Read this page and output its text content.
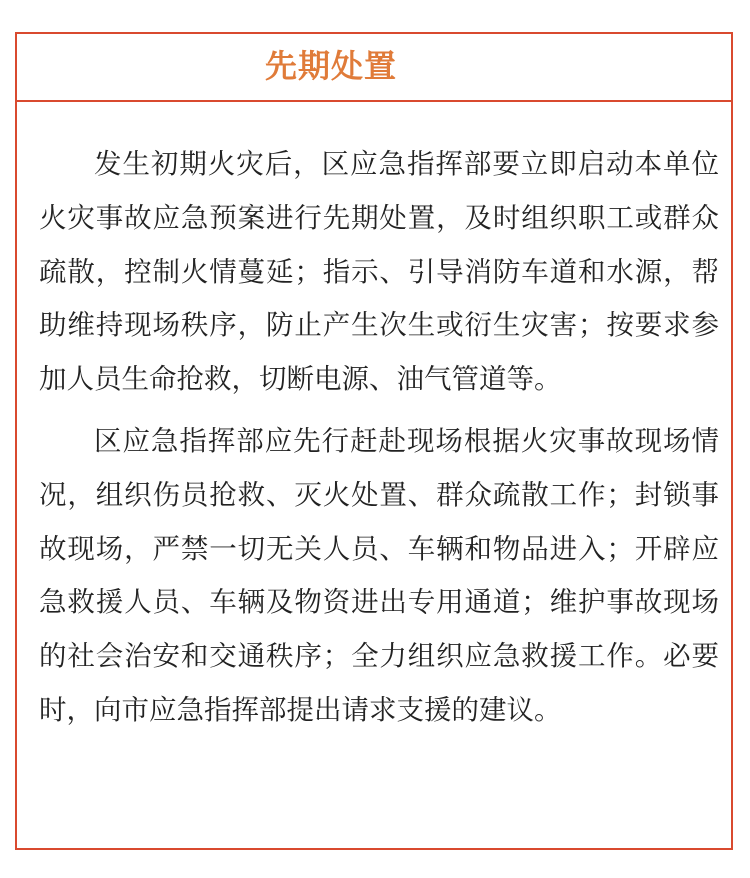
先期处置

发生初期火灾后，区应急指挥部要立即启动本单位火灾事故应急预案进行先期处置，及时组织职工或群众疏散，控制火情蔓延；指示、引导消防车道和水源，帮助维持现场秩序，防止产生次生或衍生灾害；按要求参加人员生命抢救，切断电源、油气管道等。

区应急指挥部应先行赶赴现场根据火灾事故现场情况，组织伤员抢救、灭火处置、群众疏散工作；封锁事故现场，严禁一切无关人员、车辆和物品进入；开辟应急救援人员、车辆及物资进出专用通道；维护事故现场的社会治安和交通秩序；全力组织应急救援工作。必要时，向市应急指挥部提出请求支援的建议。
